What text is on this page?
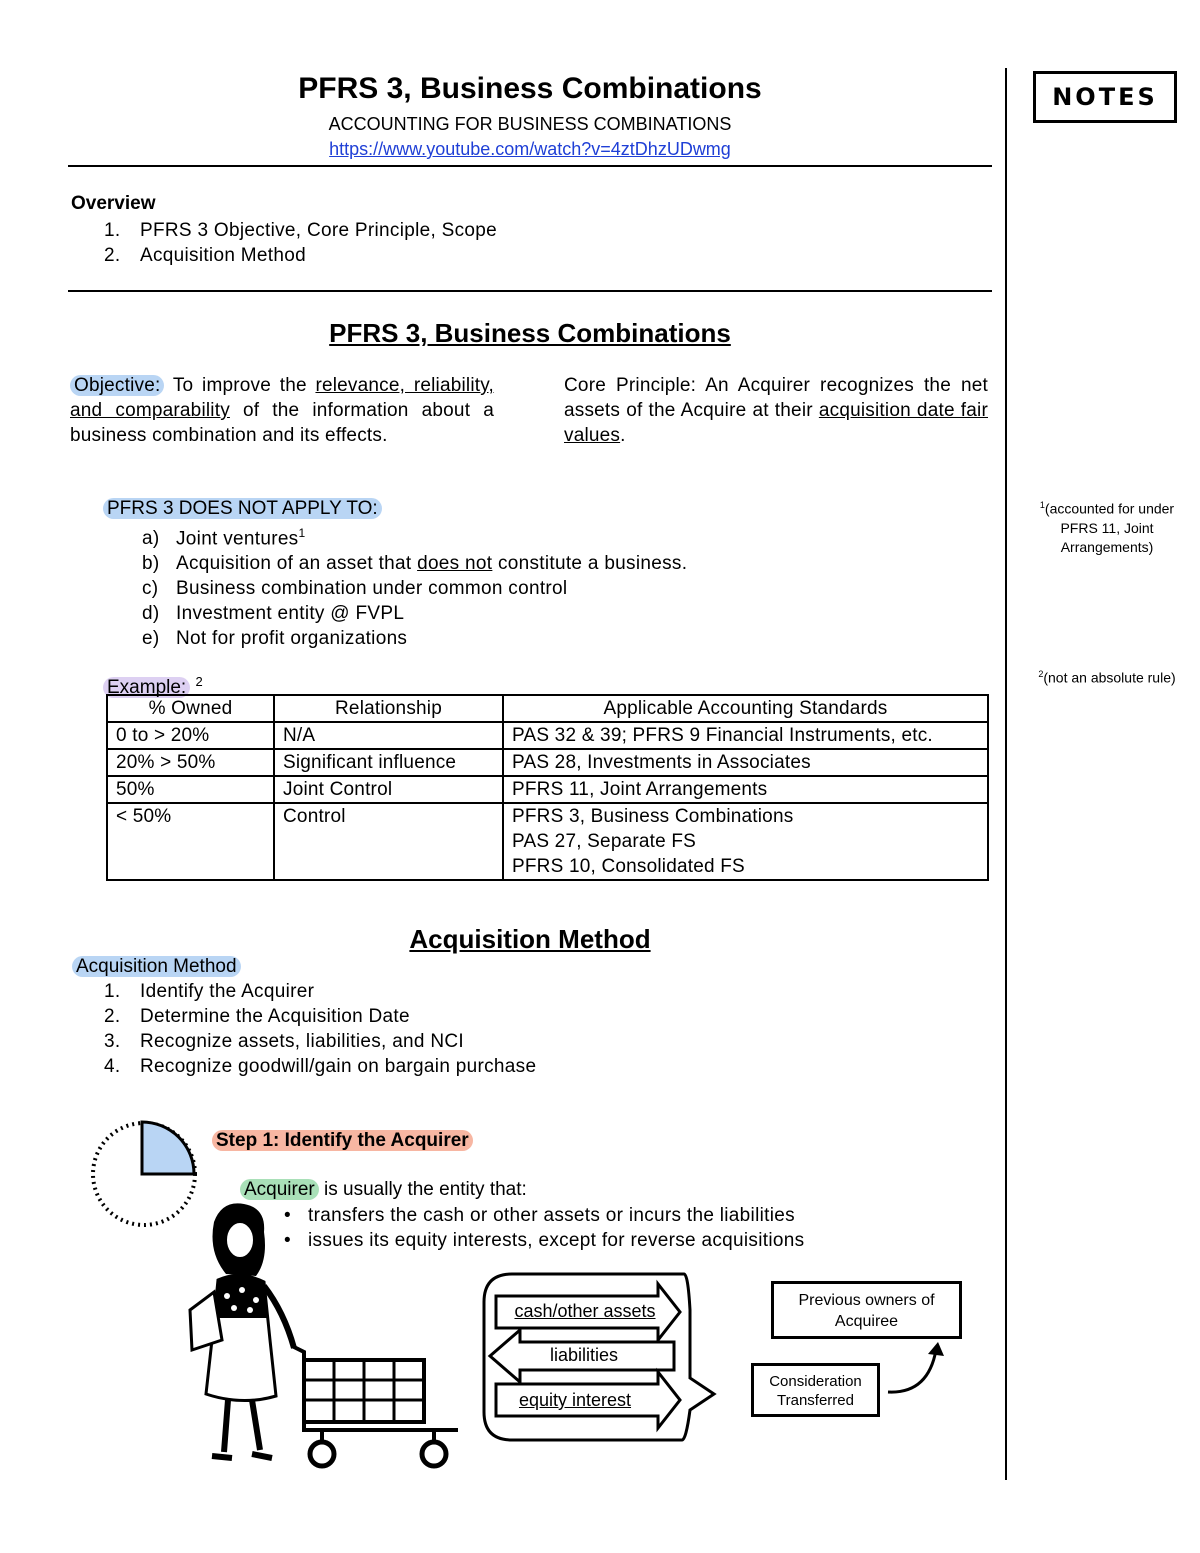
PFRS 3, Business Combinations
ACCOUNTING FOR BUSINESS COMBINATIONS
https://www.youtube.com/watch?v=4ztDhzUDwmg
NOTES
Overview
1. PFRS 3 Objective, Core Principle, Scope
2. Acquisition Method
PFRS 3, Business Combinations
Objective: To improve the relevance, reliability, and comparability of the information about a business combination and its effects.
Core Principle: An Acquirer recognizes the net assets of the Acquire at their acquisition date fair values.
PFRS 3 DOES NOT APPLY TO:
a) Joint ventures$^1$
b) Acquisition of an asset that does not constitute a business.
c) Business combination under common control
d) Investment entity @ FVPL
e) Not for profit organizations
Example: $^2$
% Owned	Relationship	Applicable Accounting Standards
0 to > 20%	N/A	PAS 32 & 39; PFRS 9 Financial Instruments, etc.
20% > 50%	Significant influence	PAS 28, Investments in Associates
50%	Joint Control	PFRS 11, Joint Arrangements
< 50%	Control	PFRS 3, Business Combinations
PAS 27, Separate FS
PFRS 10, Consolidated FS
$^1$(accounted for under PFRS 11, Joint Arrangements)
$^2$(not an absolute rule)
Acquisition Method
Acquisition Method
1. Identify the Acquirer
2. Determine the Acquisition Date
3. Recognize assets, liabilities, and NCI
4. Recognize goodwill/gain on bargain purchase
Step 1: Identify the Acquirer
Acquirer is usually the entity that:
• transfers the cash or other assets or incurs the liabilities
• issues its equity interests, except for reverse acquisitions
cash/other assets
liabilities
equity interest
Previous owners of Acquiree
Consideration Transferred
